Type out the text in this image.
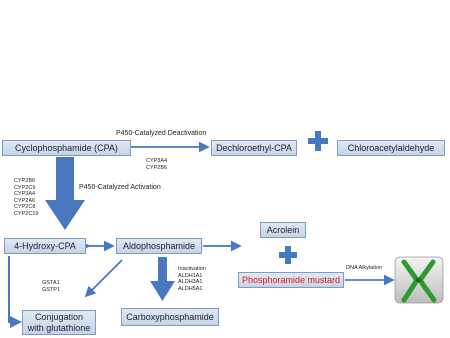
Cyclophosphamide (CPA)	Dechloroethyl-CPA	Chloroacetylaldehyde
4-Hydroxy-CPA	Aldophosphamide
Acrolein
Phosphoramide mustard
Conjugation
with glutathione
Carboxyphosphamide
P450-Catalyzed Deactivation
CYP3A4
CYP2B6
P450-Catalyzed Activation
CYP2B6
CYP2C9
CYP3A4
CYP2A6
CYP2C8
CYP2C19
GSTA1
GSTP1
Inactivation
ALDH1A1
ALDH3A1
ALDH5A1
DNA Alkylation
